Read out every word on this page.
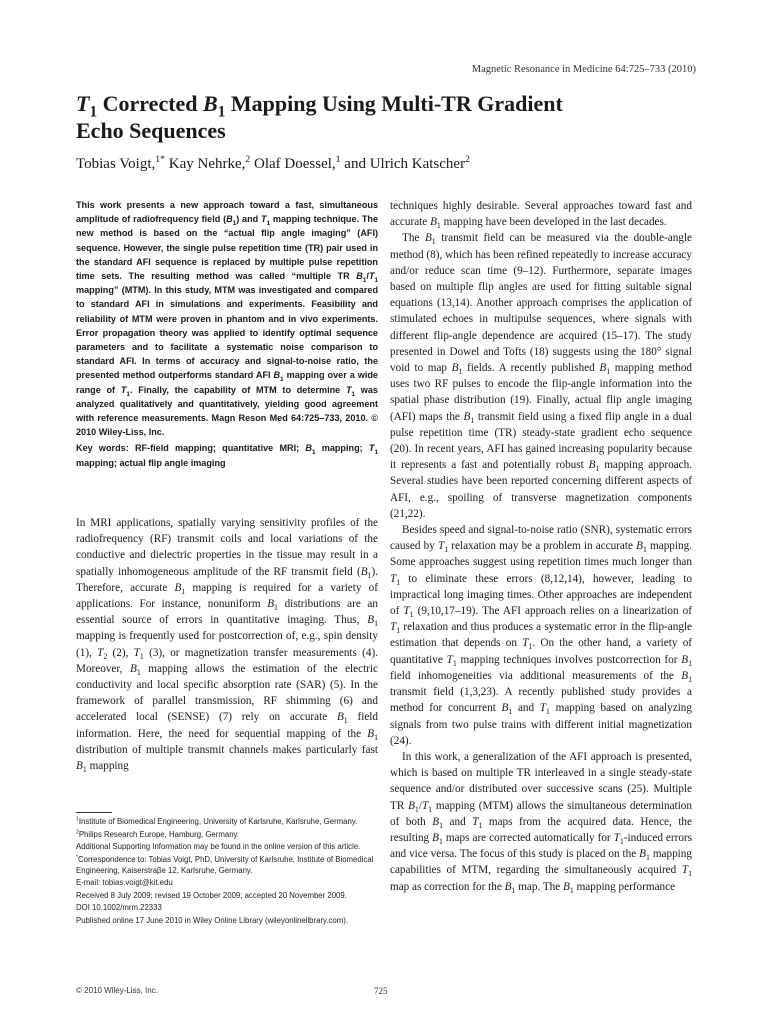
Magnetic Resonance in Medicine 64:725–733 (2010)
$T_1$ Corrected $B_1$ Mapping Using Multi-TR Gradient
Echo Sequences
Tobias Voigt,$^{1*}$ Kay Nehrke,$^2$ Olaf Doessel,$^1$ and Ulrich Katscher$^2$

This work presents a new approach toward a fast, simultaneous amplitude of radiofrequency field $(B_1)$ and $T_1$ mapping technique. The new method is based on the “actual flip angle imaging” (AFI) sequence. However, the single pulse repetition time (TR) pair used in the standard AFI sequence is replaced by multiple pulse repetition time sets. The resulting method was called “multiple TR $B_1/T_1$ mapping” (MTM). In this study, MTM was investigated and compared to standard AFI in simulations and experiments. Feasibility and reliability of MTM were proven in phantom and in vivo experiments. Error propagation theory was applied to identify optimal sequence parameters and to facilitate a systematic noise comparison to standard AFI. In terms of accuracy and signal-to-noise ratio, the presented method outperforms standard AFI $B_1$ mapping over a wide range of $T_1$. Finally, the capability of MTM to determine $T_1$ was analyzed qualitatively and quantitatively, yielding good agreement with reference measurements. Magn Reson Med 64:725–733, 2010. © 2010 Wiley-Liss, Inc.

Key words: RF-field mapping; quantitative MRI; $B_1$ mapping; $T_1$ mapping; actual flip angle imaging

In MRI applications, spatially varying sensitivity profiles of the radiofrequency (RF) transmit coils and local variations of the conductive and dielectric properties in the tissue may result in a spatially inhomogeneous amplitude of the RF transmit field $(B_1)$. Therefore, accurate $B_1$ mapping is required for a variety of applications. For instance, nonuniform $B_1$ distributions are an essential source of errors in quantitative imaging. Thus, $B_1$ mapping is frequently used for postcorrection of, e.g., spin density (1), $T_2$ (2), $T_1$ (3), or magnetization transfer measurements (4). Moreover, $B_1$ mapping allows the estimation of the electric conductivity and local specific absorption rate (SAR) (5). In the framework of parallel transmission, RF shimming (6) and accelerated local (SENSE) (7) rely on accurate $B_1$ field information. Here, the need for sequential mapping of the $B_1$ distribution of multiple transmit channels makes particularly fast $B_1$ mapping

techniques highly desirable. Several approaches toward fast and accurate $B_1$ mapping have been developed in the last decades.

The $B_1$ transmit field can be measured via the double-angle method (8), which has been refined repeatedly to increase accuracy and/or reduce scan time (9–12). Furthermore, separate images based on multiple flip angles are used for fitting suitable signal equations (13,14). Another approach comprises the application of stimulated echoes in multipulse sequences, where signals with different flip-angle dependence are acquired (15–17). The study presented in Dowel and Tofts (18) suggests using the 180° signal void to map $B_1$ fields. A recently published $B_1$ mapping method uses two RF pulses to encode the flip-angle information into the spatial phase distribution (19). Finally, actual flip angle imaging (AFI) maps the $B_1$ transmit field using a fixed flip angle in a dual pulse repetition time (TR) steady-state gradient echo sequence (20). In recent years, AFI has gained increasing popularity because it represents a fast and potentially robust $B_1$ mapping approach. Several studies have been reported concerning different aspects of AFI, e.g., spoiling of transverse magnetization components (21,22).

Besides speed and signal-to-noise ratio (SNR), systematic errors caused by $T_1$ relaxation may be a problem in accurate $B_1$ mapping. Some approaches suggest using repetition times much longer than $T_1$ to eliminate these errors (8,12,14), however, leading to impractical long imaging times. Other approaches are independent of $T_1$ (9,10,17–19). The AFI approach relies on a linearization of $T_1$ relaxation and thus produces a systematic error in the flip-angle estimation that depends on $T_1$. On the other hand, a variety of quantitative $T_1$ mapping techniques involves postcorrection for $B_1$ field inhomogeneities via additional measurements of the $B_1$ transmit field (1,3,23). A recently published study provides a method for concurrent $B_1$ and $T_1$ mapping based on analyzing signals from two pulse trains with different initial magnetization (24).

In this work, a generalization of the AFI approach is presented, which is based on multiple TR interleaved in a single steady-state sequence and/or distributed over successive scans (25). Multiple TR $B_1/T_1$ mapping (MTM) allows the simultaneous determination of both $B_1$ and $T_1$ maps from the acquired data. Hence, the resulting $B_1$ maps are corrected automatically for $T_1$-induced errors and vice versa. The focus of this study is placed on the $B_1$ mapping capabilities of MTM, regarding the simultaneously acquired $T_1$ map as correction for the $B_1$ map. The $B_1$ mapping performance

$^1$Institute of Biomedical Engineering, University of Karlsruhe, Karlsruhe, Germany.

$^2$Philips Research Europe, Hamburg, Germany.

Additional Supporting Information may be found in the online version of this article.

*Correspondence to: Tobias Voigt, PhD, University of Karlsruhe, Institute of Biomedical Engineering, Kaiserstraβe 12, Karlsruhe, Germany.

E-mail: tobias.voigt@kit.edu

Received 8 July 2009; revised 19 October 2009; accepted 20 November 2009.

DOI 10.1002/mrm.22333

Published online 17 June 2010 in Wiley Online Library (wileyonlinelibrary.com).

© 2010 Wiley-Liss, Inc.	725
